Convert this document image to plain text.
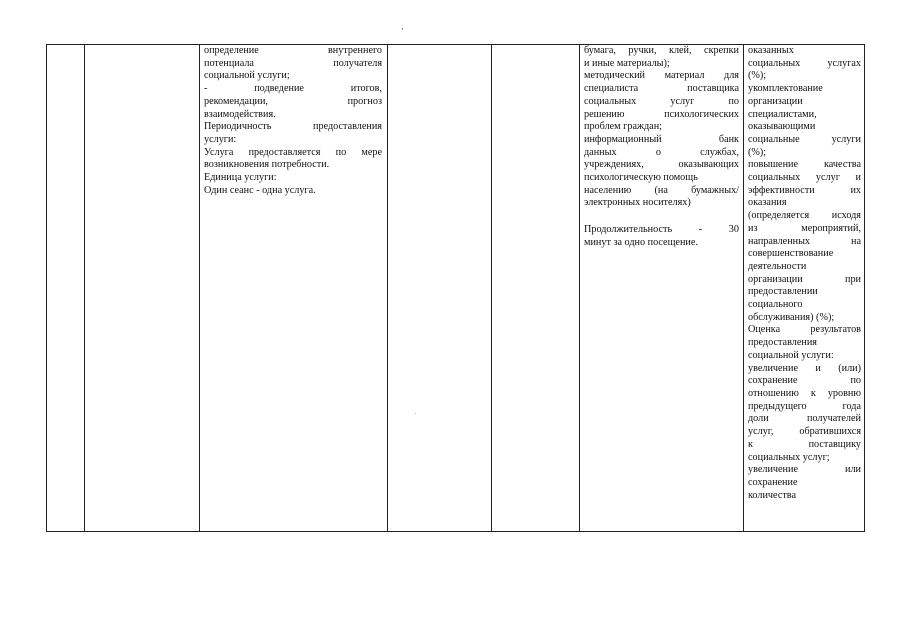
определение внутреннего

потенциала получателя

социальной услуги;

- подведение итогов,

рекомендации, прогноз

взаимодействия.

Периодичность предоставления

услуги:

Услуга предоставляется по мере

возникновения потребности.

Единица услуги:

Один сеанс - одна услуга.

бумага, ручки, клей, скрепки

и иные материалы);

методический материал для

специалиста поставщика

социальных услуг по

решению психологических

проблем граждан;

информационный банк

данных о службах,

учреждениях, оказывающих

психологическую помощь

населению (на бумажных/

электронных носителях)

Продолжительность - 30

минут за одно посещение.

оказанных

социальных услугах

(%);

укомплектование

организации

специалистами,

оказывающими

социальные услуги

(%);

повышение качества

социальных услуг и

эффективности их

оказания

(определяется исходя

из мероприятий,

направленных на

совершенствование

деятельности

организации при

предоставлении

социального

обслуживания) (%);

Оценка результатов

предоставления

социальной услуги:

увеличение и (или)

сохранение по

отношению к уровню

предыдущего года

доли получателей

услуг, обратившихся

к поставщику

социальных услуг;

увеличение или

сохранение

количества
